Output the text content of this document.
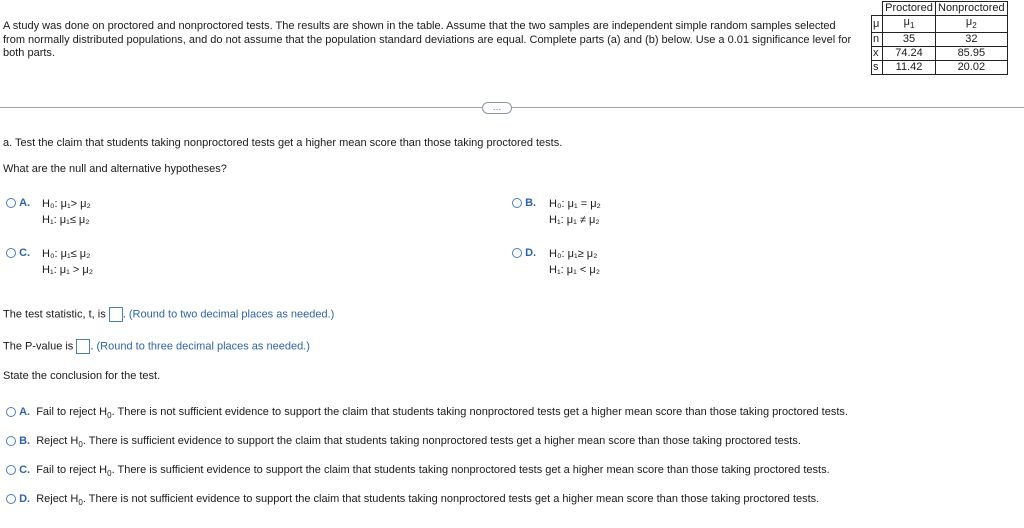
A study was done on proctored and nonproctored tests. The results are shown in the table. Assume that the two samples are independent simple random samples selected from normally distributed populations, and do not assume that the population standard deviations are equal. Complete parts (a) and (b) below. Use a 0.01 significance level for both parts.
	Proctored	Nonproctored
μ	$\mu_1$	$\mu_2$
n	35	32
$\overline{x}$	74.24	85.95
s	11.42	20.02
…
a. Test the claim that students taking nonproctored tests get a higher mean score than those taking proctored tests.
What are the null and alternative hypotheses?
A. H₀: μ₁> μ₂
H₁: μ₁≤ μ₂
B. H₀: μ₁ = μ₂
H₁: μ₁ ≠ μ₂
C. H₀: μ₁≤ μ₂
H₁: μ₁ > μ₂
D. H₀: μ₁≥ μ₂
H₁: μ₁ < μ₂
The test statistic, t, is . (Round to two decimal places as needed.)
The P-value is . (Round to three decimal places as needed.)
State the conclusion for the test.
A. Fail to reject $H_0$. There is not sufficient evidence to support the claim that students taking nonproctored tests get a higher mean score than those taking proctored tests.
B. Reject $H_0$. There is sufficient evidence to support the claim that students taking nonproctored tests get a higher mean score than those taking proctored tests.
C. Fail to reject $H_0$. There is sufficient evidence to support the claim that students taking nonproctored tests get a higher mean score than those taking proctored tests.
D. Reject $H_0$. There is not sufficient evidence to support the claim that students taking nonproctored tests get a higher mean score than those taking proctored tests.
